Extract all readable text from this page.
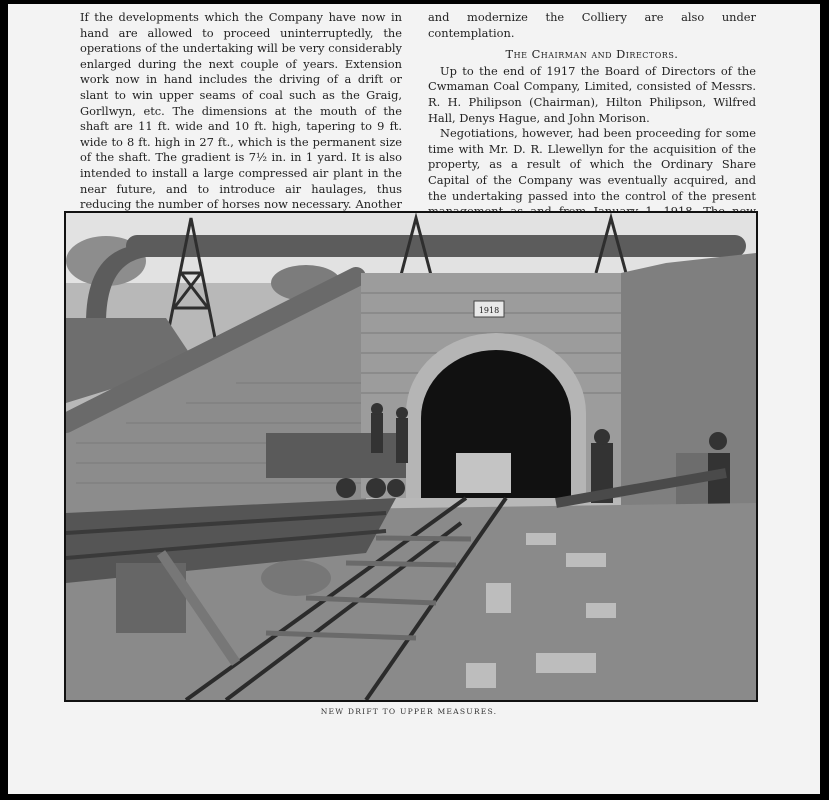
If the developments which the Company have now in hand are allowed to proceed uninterruptedly, the operations of the undertaking will be very considerably enlarged during the next couple of years. Extension work now in hand includes the driving of a drift or slant to win upper seams of coal such as the Graig, Gorllwyn, etc. The dimensions at the mouth of the shaft are 11 ft. wide and 10 ft. high, tapering to 9 ft. wide to 8 ft. high in 27 ft., which is the permanent size of the shaft. The gradient is 7½ in. in 1 yard. It is also intended to install a large compressed air plant in the near future, and to introduce air haulages, thus reducing the number of horses now necessary. Another

and modernize the Colliery are also under contemplation.

The Chairman and Directors.

Up to the end of 1917 the Board of Directors of the Cwmaman Coal Company, Limited, consisted of Messrs. R. H. Philipson (Chairman), Hilton Philipson, Wilfred Hall, Denys Hague, and John Morison.

Negotiations, however, had been proceeding for some time with Mr. D. R. Llewellyn for the acquisition of the property, as a result of which the Ordinary Share Capital of the Company was eventually acquired, and the undertaking passed into the control of the present

1918
NEW DRIFT TO UPPER MEASURES.
